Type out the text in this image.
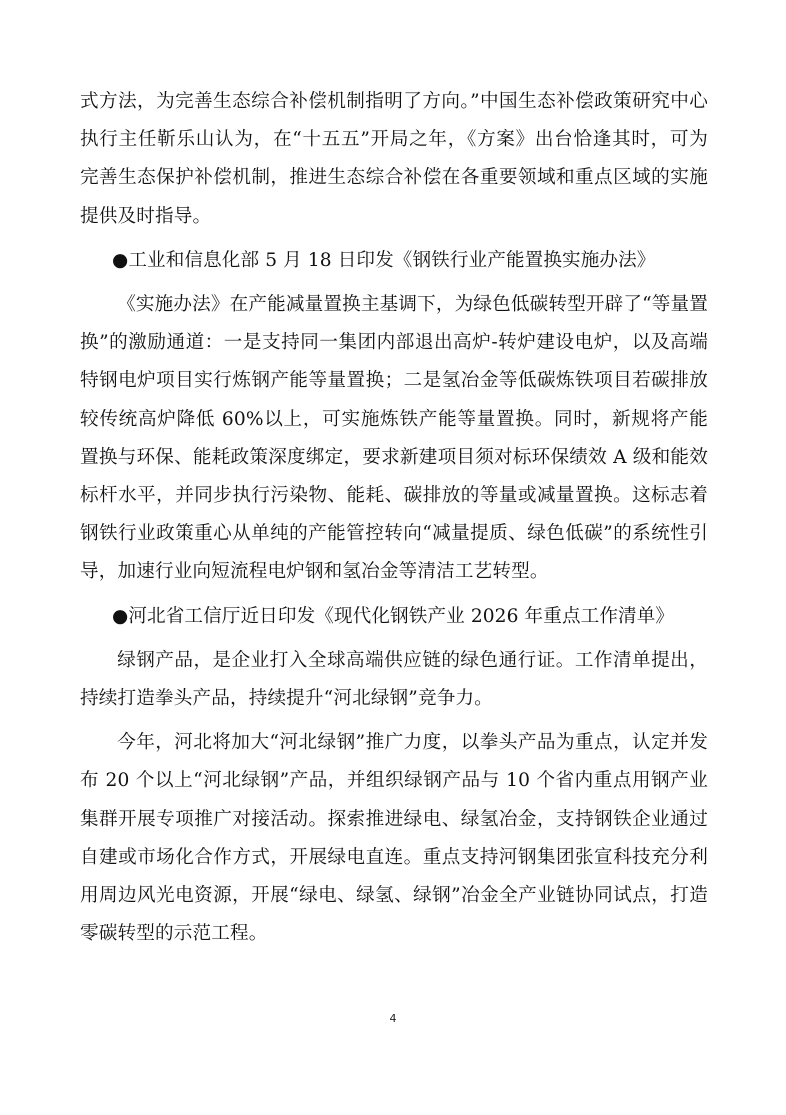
式方法，为完善生态综合补偿机制指明了方向。”中国生态补偿政策研究中心执行主任靳乐山认为，在“十五五”开局之年，《方案》出台恰逢其时，可为完善生态保护补偿机制，推进生态综合补偿在各重要领域和重点区域的实施提供及时指导。

●工业和信息化部 5 月 18 日印发《钢铁行业产能置换实施办法》

《实施办法》在产能减量置换主基调下，为绿色低碳转型开辟了“等量置换”的激励通道：一是支持同一集团内部退出高炉-转炉建设电炉，以及高端特钢电炉项目实行炼钢产能等量置换；二是氢冶金等低碳炼铁项目若碳排放较传统高炉降低 60%以上，可实施炼铁产能等量置换。同时，新规将产能置换与环保、能耗政策深度绑定，要求新建项目须对标环保绩效 A 级和能效标杆水平，并同步执行污染物、能耗、碳排放的等量或减量置换。这标志着钢铁行业政策重心从单纯的产能管控转向“减量提质、绿色低碳”的系统性引导，加速行业向短流程电炉钢和氢冶金等清洁工艺转型。

●河北省工信厅近日印发《现代化钢铁产业 2026 年重点工作清单》

绿钢产品，是企业打入全球高端供应链的绿色通行证。工作清单提出，持续打造拳头产品，持续提升“河北绿钢”竞争力。

今年，河北将加大“河北绿钢”推广力度，以拳头产品为重点，认定并发布 20 个以上“河北绿钢”产品，并组织绿钢产品与 10 个省内重点用钢产业集群开展专项推广对接活动。探索推进绿电、绿氢冶金，支持钢铁企业通过自建或市场化合作方式，开展绿电直连。重点支持河钢集团张宣科技充分利用周边风光电资源，开展“绿电、绿氢、绿钢”冶金全产业链协同试点，打造零碳转型的示范工程。

4
